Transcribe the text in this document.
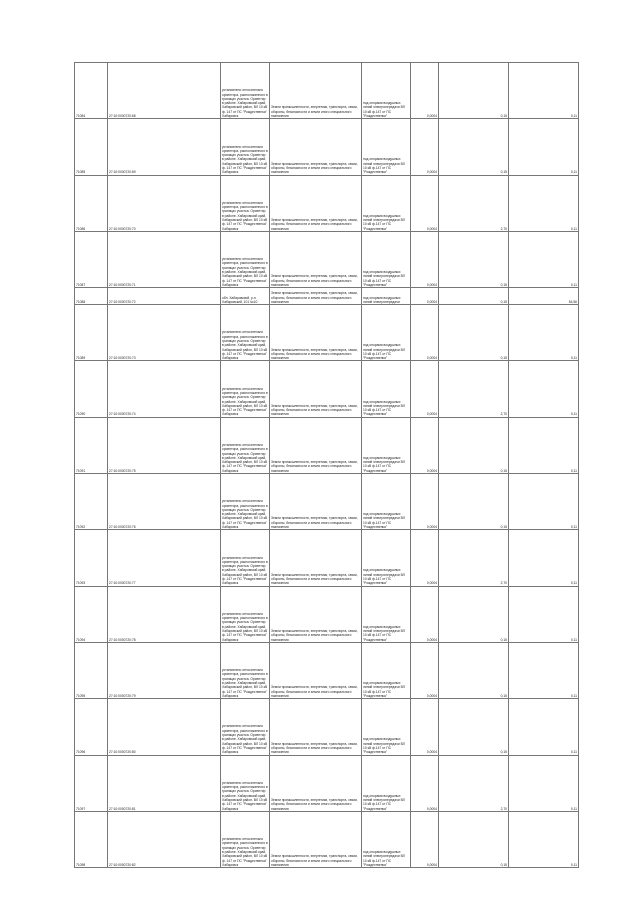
71084	27:10:0000720:68	установлено относительно ориентира, расположенного в границах участка. Ориентир в районе. Хабаровский край, Хабаровский район, ВЛ 10 кВ ф. 147 от ПС "Рождественка" Хабаровск	Земли промышленности, энергетики, транспорта, связи, обороны, безопасности и земли иного специального назначения	под опорами воздушных линий электропередачи ВЛ 10 кВ ф.147 от ПС "Рождественка"	0,0004	0,15	0,11

71085	27:10:0000720:69	установлено относительно ориентира, расположенного в границах участка. Ориентир в районе. Хабаровский край, Хабаровский район, ВЛ 10 кВ ф. 147 от ПС "Рождественка" Хабаровск	Земли промышленности, энергетики, транспорта, связи, обороны, безопасности и земли иного специального назначения	под опорами воздушных линий электропередачи ВЛ 10 кВ ф.147 от ПС "Рождественка"	0,0004	0,15	0,11

71086	27:10:0000720:70	установлено относительно ориентира, расположенного в границах участка. Ориентир в районе. Хабаровский край, Хабаровский район, ВЛ 10 кВ ф. 147 от ПС "Рождественка" Хабаровск	Земли промышленности, энергетики, транспорта, связи, обороны, безопасности и земли иного специального назначения	под опорами воздушных линий электропередачи ВЛ 10 кВ ф.147 от ПС "Рождественка"	0,0004	2,70	0,11

71087	27:10:0000720:71	установлено относительно ориентира, расположенного в границах участка. Ориентир в районе. Хабаровский край, Хабаровский район, ВЛ 10 кВ ф. 147 от ПС "Рождественка" Хабаровск	Земли промышленности, энергетики, транспорта, связи, обороны, безопасности и земли иного специального назначения	под опорами воздушных линий электропередачи ВЛ 10 кВ ф.147 от ПС "Рождественка"	0,0004	0,15	0,11

71088	27:10:0000720:72	обл. Хабаровский, р-н Хабаровский, 101 №10	Земли промышленности, энергетики, транспорта, связи, обороны, безопасности и земли иного специального назначения	под опорами воздушных линий электропередачи	0,0004	0,15	54,56

71089	27:10:0000720:73	установлено относительно ориентира, расположенного в границах участка. Ориентир в районе. Хабаровский край, Хабаровский район, ВЛ 10 кВ ф. 147 от ПС "Рождественка" Хабаровск	Земли промышленности, энергетики, транспорта, связи, обороны, безопасности и земли иного специального назначения	под опорами воздушных линий электропередачи ВЛ 10 кВ ф.147 от ПС "Рождественка"	0,0004	0,15	0,11

71090	27:10:0000720:74	установлено относительно ориентира, расположенного в границах участка. Ориентир в районе. Хабаровский край, Хабаровский район, ВЛ 10 кВ ф. 147 от ПС "Рождественка" Хабаровск	Земли промышленности, энергетики, транспорта, связи, обороны, безопасности и земли иного специального назначения	под опорами воздушных линий электропередачи ВЛ 10 кВ ф.147 от ПС "Рождественка"	0,0004	2,70	0,11

71091	27:10:0000720:75	установлено относительно ориентира, расположенного в границах участка. Ориентир в районе. Хабаровский край, Хабаровский район, ВЛ 10 кВ ф. 147 от ПС "Рождественка" Хабаровск	Земли промышленности, энергетики, транспорта, связи, обороны, безопасности и земли иного специального назначения	под опорами воздушных линий электропередачи ВЛ 10 кВ ф.147 от ПС "Рождественка"	0,0004	0,15	0,11

71092	27:10:0000720:76	установлено относительно ориентира, расположенного в границах участка. Ориентир в районе. Хабаровский край, Хабаровский район, ВЛ 10 кВ ф. 147 от ПС "Рождественка" Хабаровск	Земли промышленности, энергетики, транспорта, связи, обороны, безопасности и земли иного специального назначения	под опорами воздушных линий электропередачи ВЛ 10 кВ ф.147 от ПС "Рождественка"	0,0004	0,15	0,11

71093	27:10:0000720:77	установлено относительно ориентира, расположенного в границах участка. Ориентир в районе. Хабаровский край, Хабаровский район, ВЛ 10 кВ ф. 147 от ПС "Рождественка" Хабаровск	Земли промышленности, энергетики, транспорта, связи, обороны, безопасности и земли иного специального назначения	под опорами воздушных линий электропередачи ВЛ 10 кВ ф.147 от ПС "Рождественка"	0,0004	2,70	0,11

71094	27:10:0000720:78	установлено относительно ориентира, расположенного в границах участка. Ориентир в районе. Хабаровский край, Хабаровский район, ВЛ 10 кВ ф. 147 от ПС "Рождественка" Хабаровск	Земли промышленности, энергетики, транспорта, связи, обороны, безопасности и земли иного специального назначения	под опорами воздушных линий электропередачи ВЛ 10 кВ ф.147 от ПС "Рождественка"	0,0004	0,15	0,11

71095	27:10:0000720:79	установлено относительно ориентира, расположенного в границах участка. Ориентир в районе. Хабаровский край, Хабаровский район, ВЛ 10 кВ ф. 147 от ПС "Рождественка" Хабаровск	Земли промышленности, энергетики, транспорта, связи, обороны, безопасности и земли иного специального назначения	под опорами воздушных линий электропередачи ВЛ 10 кВ ф.147 от ПС "Рождественка"	0,0004	0,15	0,11

71096	27:10:0000720:80	установлено относительно ориентира, расположенного в границах участка. Ориентир в районе. Хабаровский край, Хабаровский район, ВЛ 10 кВ ф. 147 от ПС "Рождественка" Хабаровск	Земли промышленности, энергетики, транспорта, связи, обороны, безопасности и земли иного специального назначения	под опорами воздушных линий электропередачи ВЛ 10 кВ ф.147 от ПС "Рождественка"	0,0004	0,15	0,11

71097	27:10:0000720:81	установлено относительно ориентира, расположенного в границах участка. Ориентир в районе. Хабаровский край, Хабаровский район, ВЛ 10 кВ ф. 147 от ПС "Рождественка" Хабаровск	Земли промышленности, энергетики, транспорта, связи, обороны, безопасности и земли иного специального назначения	под опорами воздушных линий электропередачи ВЛ 10 кВ ф.147 от ПС "Рождественка"	0,0004	2,70	0,11

71098	27:10:0000720:82	установлено относительно ориентира, расположенного в границах участка. Ориентир в районе. Хабаровский край, Хабаровский район, ВЛ 10 кВ ф. 147 от ПС "Рождественка" Хабаровск	Земли промышленности, энергетики, транспорта, связи, обороны, безопасности и земли иного специального назначения	под опорами воздушных линий электропередачи ВЛ 10 кВ ф.147 от ПС "Рождественка"	0,0004	0,15	0,11
